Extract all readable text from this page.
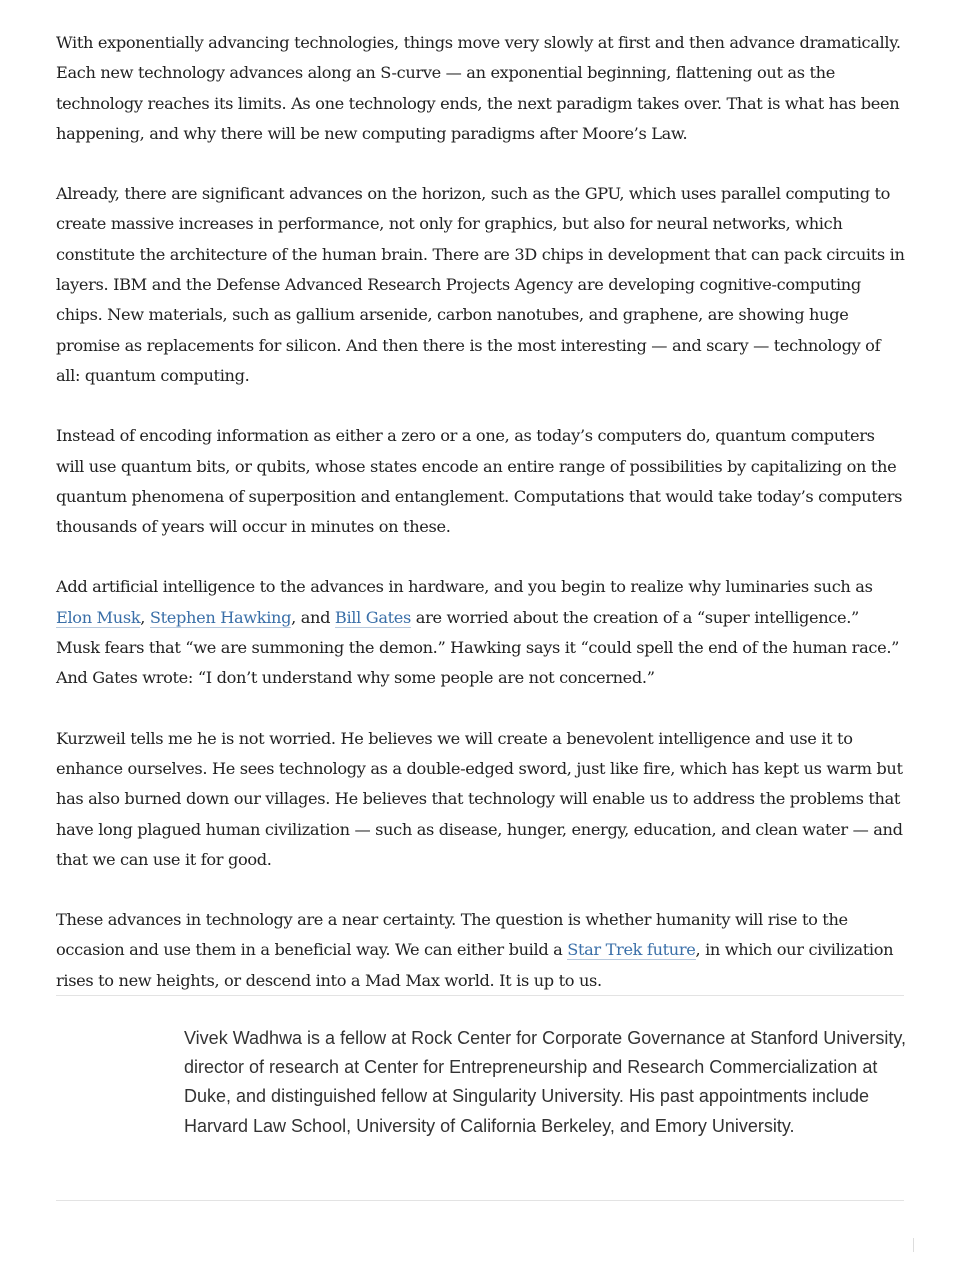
With exponentially advancing technologies, things move very slowly at first and then advance dramatically. Each new technology advances along an S-curve — an exponential beginning, flattening out as the technology reaches its limits. As one technology ends, the next paradigm takes over. That is what has been happening, and why there will be new computing paradigms after Moore’s Law.

Already, there are significant advances on the horizon, such as the GPU, which uses parallel computing to create massive increases in performance, not only for graphics, but also for neural networks, which constitute the architecture of the human brain. There are 3D chips in development that can pack circuits in layers. IBM and the Defense Advanced Research Projects Agency are developing cognitive-computing chips. New materials, such as gallium arsenide, carbon nanotubes, and graphene, are showing huge promise as replacements for silicon. And then there is the most interesting — and scary — technology of all: quantum computing.

Instead of encoding information as either a zero or a one, as today’s computers do, quantum computers will use quantum bits, or qubits, whose states encode an entire range of possibilities by capitalizing on the quantum phenomena of superposition and entanglement. Computations that would take today’s computers thousands of years will occur in minutes on these.

Add artificial intelligence to the advances in hardware, and you begin to realize why luminaries such as Elon Musk, Stephen Hawking, and Bill Gates are worried about the creation of a “super intelligence.” Musk fears that “we are summoning the demon.” Hawking says it “could spell the end of the human race.” And Gates wrote: “I don’t understand why some people are not concerned.”

Kurzweil tells me he is not worried. He believes we will create a benevolent intelligence and use it to enhance ourselves. He sees technology as a double-edged sword, just like fire, which has kept us warm but has also burned down our villages. He believes that technology will enable us to address the problems that have long plagued human civilization — such as disease, hunger, energy, education, and clean water — and that we can use it for good.

These advances in technology are a near certainty. The question is whether humanity will rise to the occasion and use them in a beneficial way. We can either build a Star Trek future, in which our civilization rises to new heights, or descend into a Mad Max world. It is up to us.

Vivek Wadhwa is a fellow at Rock Center for Corporate Governance at Stanford University, director of research at Center for Entrepreneurship and Research Commercialization at Duke, and distinguished fellow at Singularity University. His past appointments include Harvard Law School, University of California Berkeley, and Emory University.
